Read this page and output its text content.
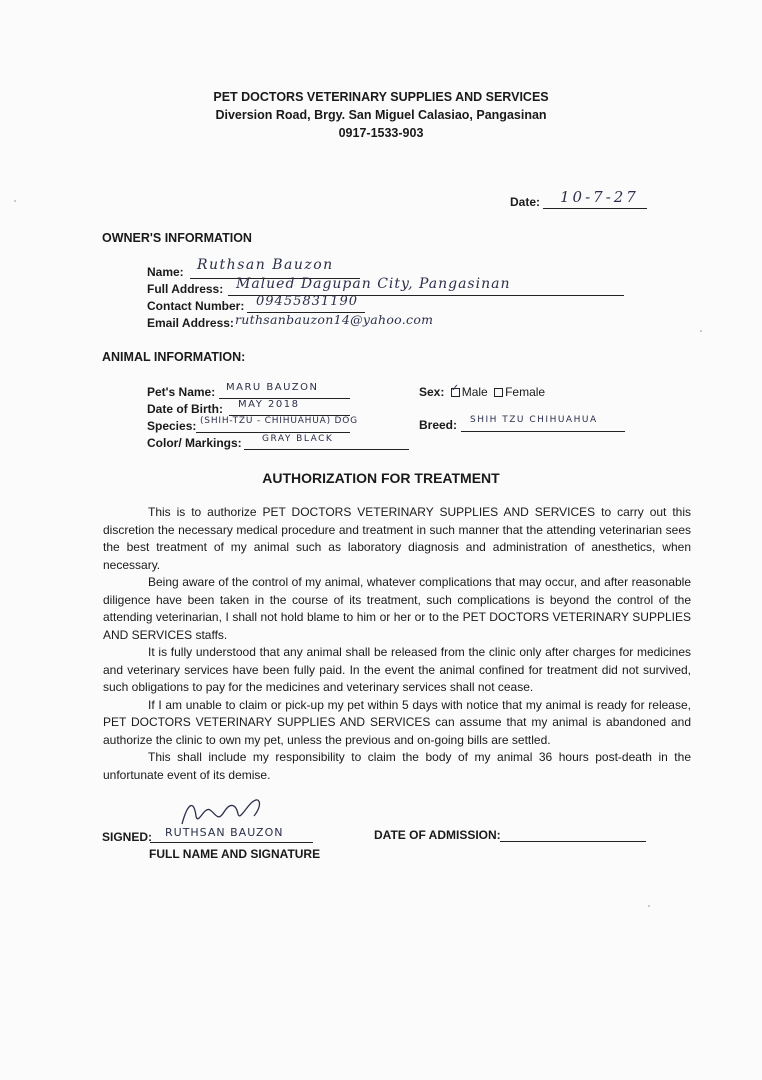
PET DOCTORS VETERINARY SUPPLIES AND SERVICES
Diversion Road, Brgy. San Miguel Calasiao, Pangasinan
0917-1533-903
Date: 10-7-27
OWNER'S INFORMATION
Name: Ruthsan Bauzon
Full Address: Malued Dagupan City, Pangasinan
Contact Number: 09455831190
Email Address: ruthsanbauzon14@yahoo.com
ANIMAL INFORMATION:
Pet's Name: MARU BAUZON
Date of Birth: MAY 2018
Species: (SHIH-TZU - CHIHUAHUA) DOG
Color/ Markings: GRAY BLACK
Sex: ✓ Male Female
Breed: SHIH TZU CHIHUAHUA
AUTHORIZATION FOR TREATMENT

This is to authorize PET DOCTORS VETERINARY SUPPLIES AND SERVICES to carry out this discretion the necessary medical procedure and treatment in such manner that the attending veterinarian sees the best treatment of my animal such as laboratory diagnosis and administration of anesthetics, when necessary.

Being aware of the control of my animal, whatever complications that may occur, and after reasonable diligence have been taken in the course of its treatment, such complications is beyond the control of the attending veterinarian, I shall not hold blame to him or her or to the PET DOCTORS VETERINARY SUPPLIES AND SERVICES staffs.

It is fully understood that any animal shall be released from the clinic only after charges for medicines and veterinary services have been fully paid. In the event the animal confined for treatment did not survived, such obligations to pay for the medicines and veterinary services shall not cease.

If I am unable to claim or pick-up my pet within 5 days with notice that my animal is ready for release, PET DOCTORS VETERINARY SUPPLIES AND SERVICES can assume that my animal is abandoned and authorize the clinic to own my pet, unless the previous and on-going bills are settled.

This shall include my responsibility to claim the body of my animal 36 hours post-death in the unfortunate event of its demise.

SIGNED: RUTHSAN BAUZON
FULL NAME AND SIGNATURE
DATE OF ADMISSION:
